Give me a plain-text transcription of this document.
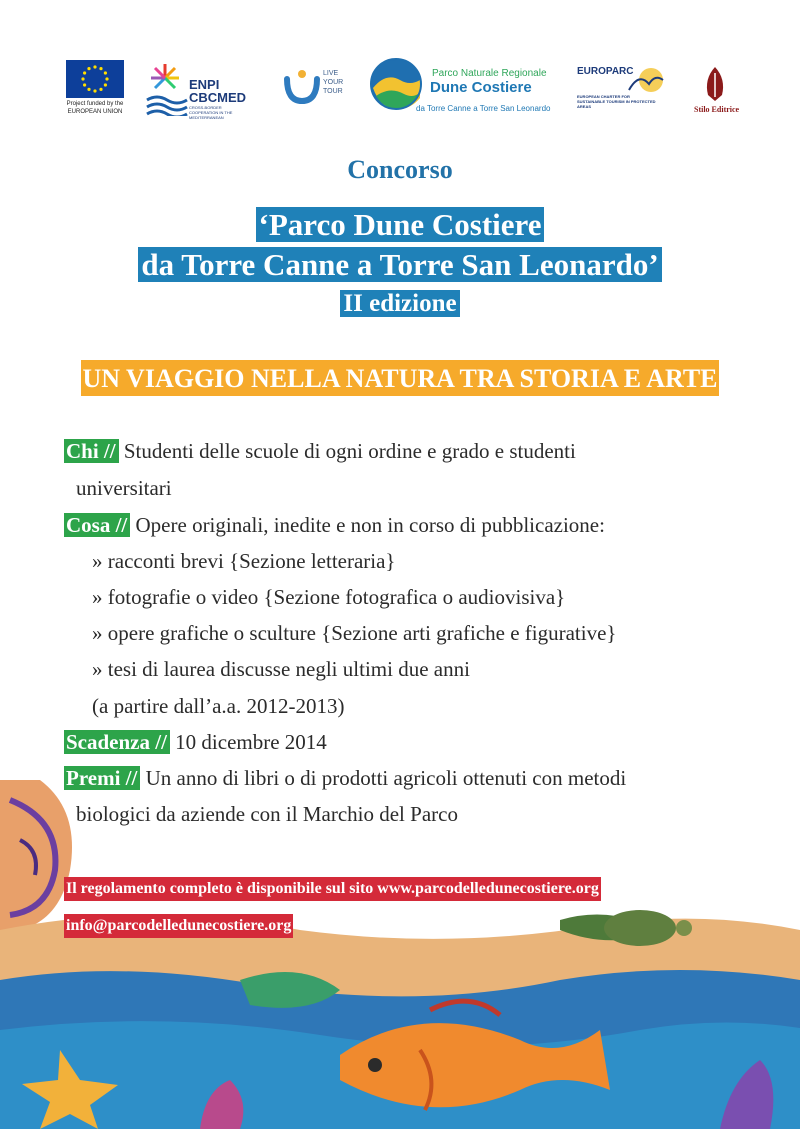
Project funded by the EUROPEAN UNION
ENPI
CBCMED
CROSS-BORDER COOPERATION IN THE MEDITERRANEAN
LIVE YOUR TOUR
Parco Naturale Regionale
Dune Costiere
da Torre Canne a Torre San Leonardo
EUROPARC
EUROPEAN CHARTER FOR SUSTAINABLE TOURISM IN PROTECTED AREAS	Stilo Editrice
Concorso
‘Parco Dune Costiere
da Torre Canne a Torre San Leonardo’
II edizione
UN VIAGGIO NELLA NATURA TRA STORIA E ARTE
Chi // Studenti delle scuole di ogni ordine e grado e studenti
universitari
Cosa // Opere originali, inedite e non in corso di pubblicazione:
» racconti brevi {Sezione letteraria}
» fotografie o video {Sezione fotografica o audiovisiva}
» opere grafiche o sculture {Sezione arti grafiche e figurative}
» tesi di laurea discusse negli ultimi due anni
(a partire dall’a.a. 2012-2013)
Scadenza // 10 dicembre 2014
Premi // Un anno di libri o di prodotti agricoli ottenuti con metodi
biologici da aziende con il Marchio del Parco
Il regolamento completo è disponibile sul sito www.parcodelledunecostiere.org
info@parcodelledunecostiere.org
